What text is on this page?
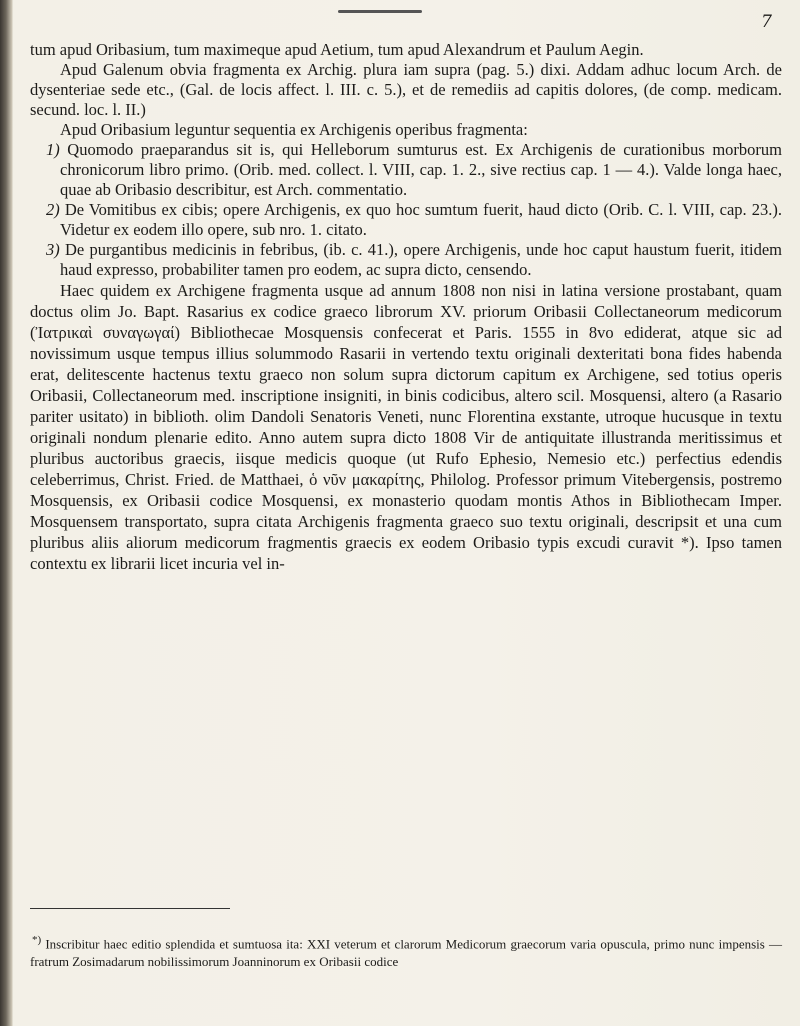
7

tum apud Oribasium, tum maximeque apud Aetium, tum apud Alexandrum et Paulum Aegin.

Apud Galenum obvia fragmenta ex Archig. plura iam supra (pag. 5.) dixi. Addam adhuc locum Arch. de dysenteriae sede etc., (Gal. de locis affect. l. III. c. 5.), et de remediis ad capitis dolores, (de comp. medicam. secund. loc. l. II.)

Apud Oribasium leguntur sequentia ex Archigenis operibus fragmenta:

1) Quomodo praeparandus sit is, qui Helleborum sumturus est. Ex Archigenis de curationibus morborum chronicorum libro primo. (Orib. med. collect. l. VIII, cap. 1. 2., sive rectius cap. 1 — 4.). Valde longa haec, quae ab Oribasio describitur, est Arch. commentatio.

2) De Vomitibus ex cibis; opere Archigenis, ex quo hoc sumtum fuerit, haud dicto (Orib. C. l. VIII, cap. 23.). Videtur ex eodem illo opere, sub nro. 1. citato.

3) De purgantibus medicinis in febribus, (ib. c. 41.), opere Archigenis, unde hoc caput haustum fuerit, itidem haud expresso, probabiliter tamen pro eodem, ac supra dicto, censendo.

Haec quidem ex Archigene fragmenta usque ad annum 1808 non nisi in latina versione prostabant, quam doctus olim Jo. Bapt. Rasarius ex codice graeco librorum XV. priorum Oribasii Collectaneorum medicorum (Ἰατρικαὶ συναγωγαί) Bibliothecae Mosquensis confecerat et Paris. 1555 in 8vo ediderat, atque sic ad novissimum usque tempus illius solummodo Rasarii in vertendo textu originali dexteritati bona fides habenda erat, delitescente hactenus textu graeco non solum supra dictorum capitum ex Archigene, sed totius operis Oribasii, Collectaneorum med. inscriptione insigniti, in binis codicibus, altero scil. Mosquensi, altero (a Rasario pariter usitato) in biblioth. olim Dandoli Senatoris Veneti, nunc Florentina exstante, utroque hucusque in textu originali nondum plenarie edito. Anno autem supra dicto 1808 Vir de antiquitate illustranda meritissimus et pluribus auctoribus graecis, iisque medicis quoque (ut Rufo Ephesio, Nemesio etc.) perfectius edendis celeberrimus, Christ. Fried. de Matthaei, ὁ νῦν μακαρίτης, Philolog. Professor primum Vitebergensis, postremo Mosquensis, ex Oribasii codice Mosquensi, ex monasterio quodam montis Athos in Bibliothecam Imper. Mosquensem transportato, supra citata Archigenis fragmenta graeco suo textu originali, descripsit et una cum pluribus aliis aliorum medicorum fragmentis graecis ex eodem Oribasio typis excudi curavit *). Ipso tamen contextu ex librarii licet incuria vel in-

*) Inscribitur haec editio splendida et sumtuosa ita: XXI veterum et clarorum Medicorum graecorum varia opuscula, primo nunc impensis — fratrum Zosimadarum nobilissimorum Joanninorum ex Oribasii codice
